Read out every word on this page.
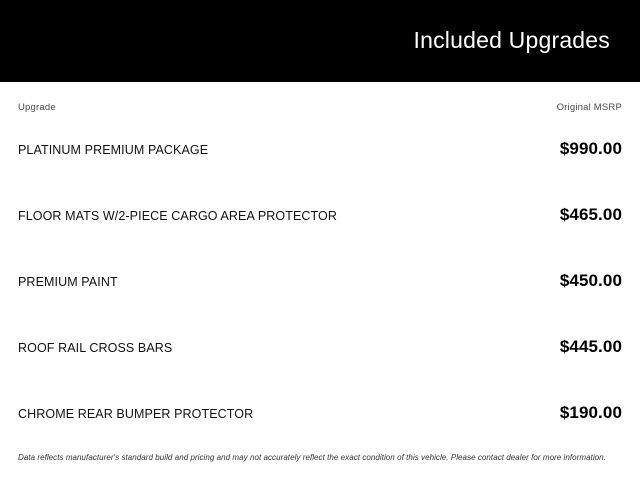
Included Upgrades
Upgrade	Original MSRP
PLATINUM PREMIUM PACKAGE	$990.00
FLOOR MATS W/2-PIECE CARGO AREA PROTECTOR	$465.00
PREMIUM PAINT	$450.00
ROOF RAIL CROSS BARS	$445.00
CHROME REAR BUMPER PROTECTOR	$190.00
Data reflects manufacturer's standard build and pricing and may not accurately reflect the exact condition of this vehicle. Please contact dealer for more information.
